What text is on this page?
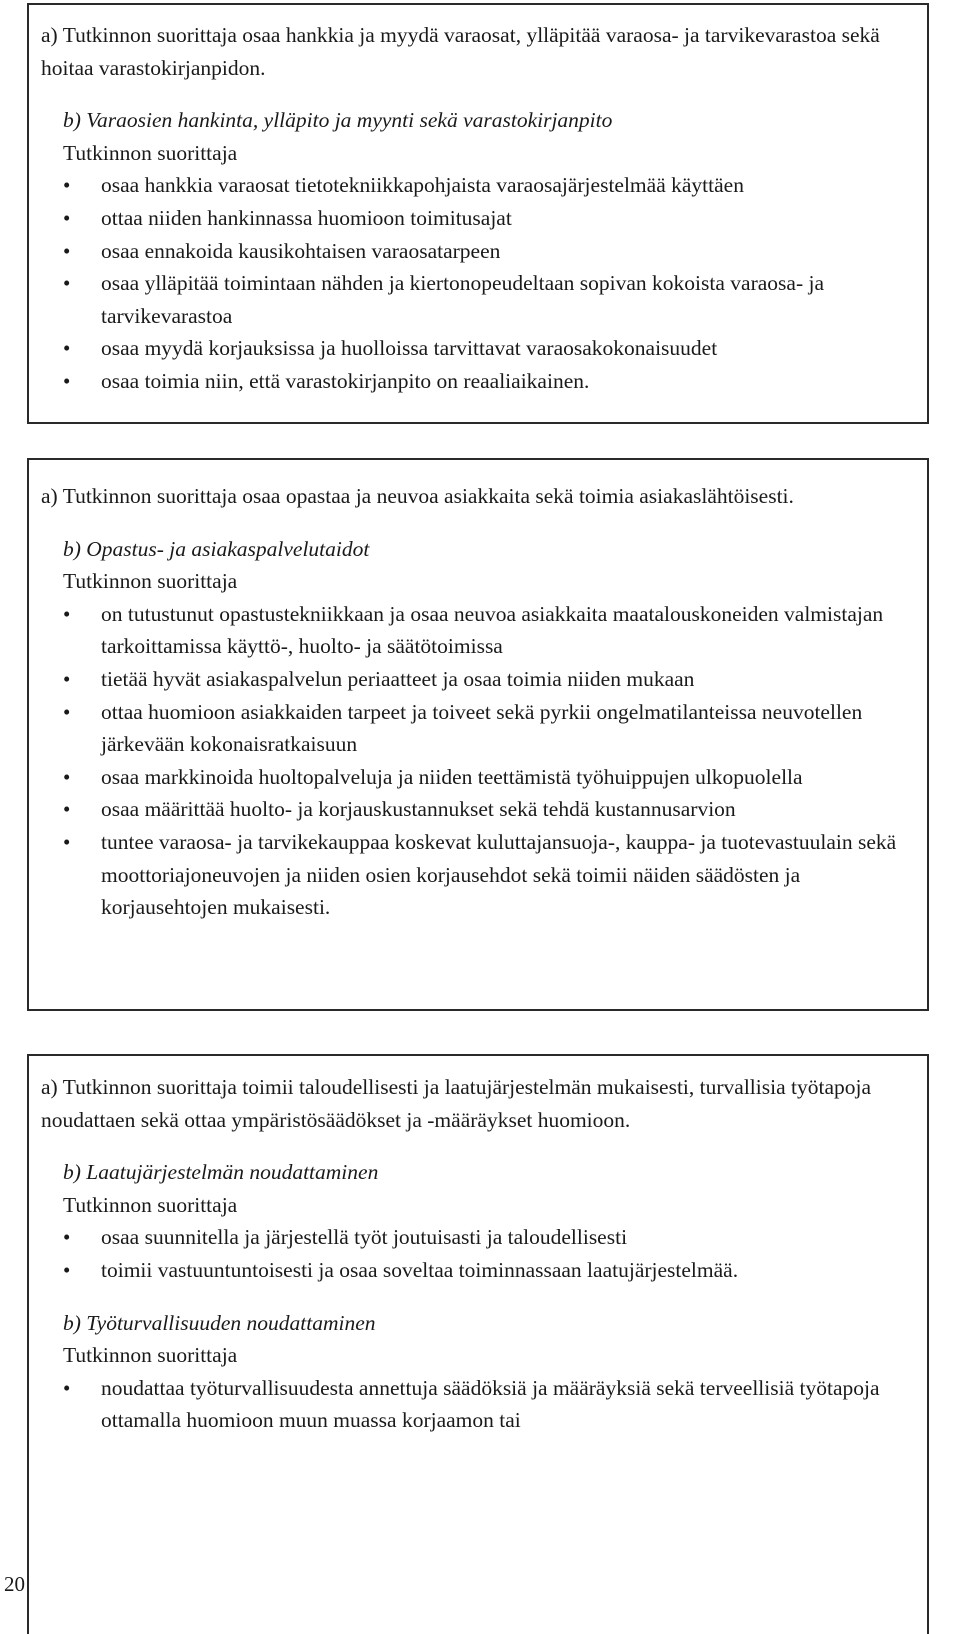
a) Tutkinnon suorittaja osaa hankkia ja myydä varaosat, ylläpitää varaosa- ja tarvikevarastoa sekä hoitaa varastokirjanpidon.

b) Varaosien hankinta, ylläpito ja myynti sekä varastokirjanpito

Tutkinnon suorittaja

• osaa hankkia varaosat tietotekniikkapohjaista varaosajärjestelmää käyttäen
• ottaa niiden hankinnassa huomioon toimitusajat
• osaa ennakoida kausikohtaisen varaosatarpeen
• osaa ylläpitää toimintaan nähden ja kiertonopeudeltaan sopivan kokoista varaosa- ja tarvikevarastoa
• osaa myydä korjauksissa ja huolloissa tarvittavat varaosakokonaisuudet
• osaa toimia niin, että varastokirjanpito on reaaliaikainen.

a) Tutkinnon suorittaja osaa opastaa ja neuvoa asiakkaita sekä toimia asiakaslähtöisesti.

b) Opastus- ja asiakaspalvelutaidot

Tutkinnon suorittaja

• on tutustunut opastustekniikkaan ja osaa neuvoa asiakkaita maatalouskoneiden valmistajan tarkoittamissa käyttö-, huolto- ja säätötoimissa
• tietää hyvät asiakaspalvelun periaatteet ja osaa toimia niiden mukaan
• ottaa huomioon asiakkaiden tarpeet ja toiveet sekä pyrkii ongelmatilanteissa neuvotellen järkevään kokonaisratkaisuun
• osaa markkinoida huoltopalveluja ja niiden teettämistä työhuippujen ulkopuolella
• osaa määrittää huolto- ja korjauskustannukset sekä tehdä kustannusarvion
• tuntee varaosa- ja tarvikekauppaa koskevat kuluttajansuoja-, kauppa- ja tuotevastuulain sekä moottoriajoneuvojen ja niiden osien korjausehdot sekä toimii näiden säädösten ja korjausehtojen mukaisesti.

a) Tutkinnon suorittaja toimii taloudellisesti ja laatujärjestelmän mukaisesti, turvallisia työtapoja noudattaen sekä ottaa ympäristösäädökset ja -määräykset huomioon.

b) Laatujärjestelmän noudattaminen

Tutkinnon suorittaja

• osaa suunnitella ja järjestellä työt joutuisasti ja taloudellisesti
• toimii vastuuntuntoisesti ja osaa soveltaa toiminnassaan laatujärjestelmää.

b) Työturvallisuuden noudattaminen

Tutkinnon suorittaja

• noudattaa työturvallisuudesta annettuja säädöksiä ja määräyksiä sekä terveellisiä työtapoja ottamalla huomioon muun muassa korjaamon tai
20
